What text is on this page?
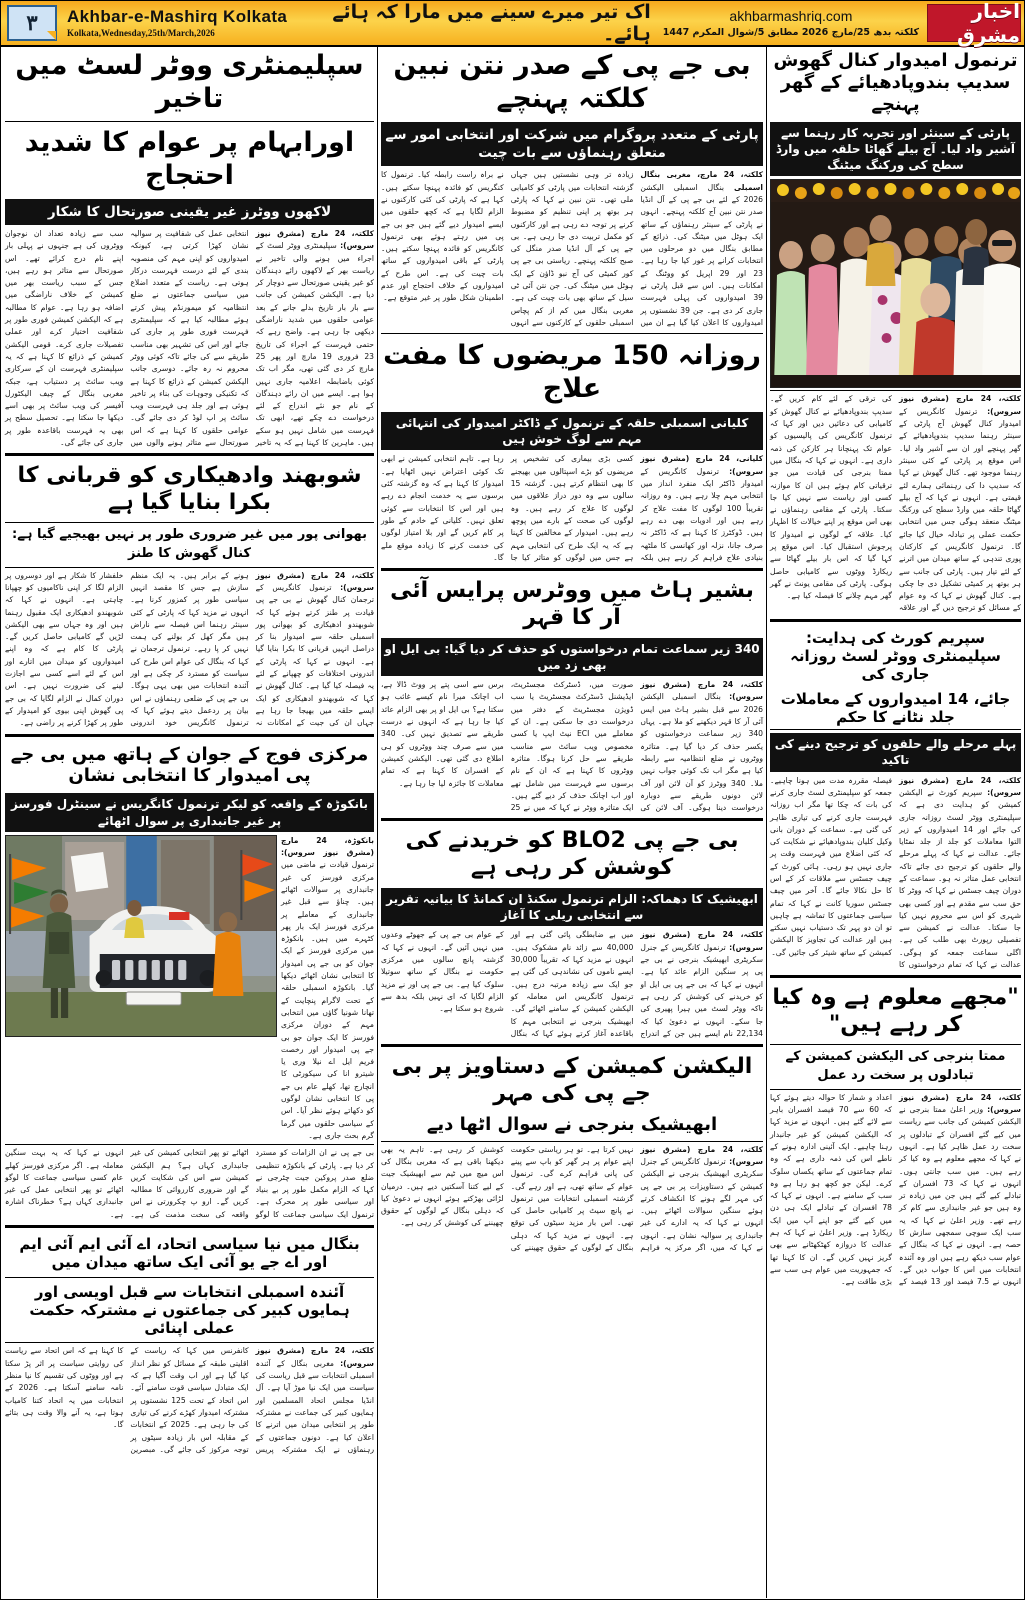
۳ Akhbar-e-Mashirq Kolkata
Kolkata,Wednesday,25th/March,2026
اک تیر میرے سینے میں مارا کہ ہائے ہائے۔
akhbarmashriq.com
کلکتہ بدھ 25/مارچ 2026 مطابق 5/شوال المکرم 1447
اخبار مشرق
ترنمول امیدوار کنال گھوش سدیپ بندوپادھیائے کے گھر پہنچے
پارٹی کے سینئر اور تجربہ کار رہنما سے آشیر واد لیا۔ آج بیلے گھاٹا حلقہ میں وارڈ سطح کی ورکنگ میٹنگ
کلکتہ، 24 مارچ (مشرق نیوز سروس): ترنمول کانگریس کے امیدوار کنال گھوش آج پارٹی کے سینئر رہنما سدیپ بندوپادھیائے کے گھر پہنچے اور ان سے آشیر واد لیا۔ اس موقع پر پارٹی کے کئی سینئر رہنما موجود تھے۔ کنال گھوش نے کہا کہ سدیپ دا کی رہنمائی ہمارے لئے قیمتی ہے۔ انہوں نے کہا کہ آج بیلے گھاٹا حلقہ میں وارڈ سطح کی ورکنگ میٹنگ منعقد ہوگی جس میں انتخابی حکمت عملی پر تبادلہ خیال کیا جائے گا۔ ترنمول کانگریس کے کارکنان پوری تندہی کے ساتھ میدان میں اترنے کے لئے تیار ہیں۔ پارٹی کی جانب سے ہر بوتھ پر کمیٹی تشکیل دی جا چکی ہے۔ کنال گھوش نے کہا کہ وہ عوام کے مسائل کو ترجیح دیں گے اور علاقہ کی ترقی کے لئے کام کریں گے۔ سدیپ بندوپادھیائے نے کنال گھوش کو کامیابی کی دعائیں دیں اور کہا کہ ترنمول کانگریس کی پالیسیوں کو عوام تک پہنچانا ہر کارکن کی ذمہ داری ہے۔ انہوں نے کہا کہ بنگال میں ممتا بنرجی کی قیادت میں جو ترقیاتی کام ہوئے ہیں ان کا موازنہ کسی اور ریاست سے نہیں کیا جا سکتا۔ پارٹی کے مقامی رہنماؤں نے بھی اس موقع پر اپنے خیالات کا اظہار کیا۔ علاقہ کے لوگوں نے امیدوار کا پرجوش استقبال کیا۔ اس موقع پر کہا گیا کہ اس بار بیلے گھاٹا سے ریکارڈ ووٹوں سے کامیابی حاصل ہوگی۔ پارٹی کی مقامی یونٹ نے گھر گھر مہم چلانے کا فیصلہ کیا ہے۔
سپریم کورٹ کی ہدایت: سپلیمنٹری ووٹر لسٹ روزانہ جاری کی
جائے، 14 امیدواروں کے معاملات جلد نٹانے کا حکم
پہلے مرحلے والے حلقوں کو ترجیح دینے کی تاکید
کلکتہ، 24 مارچ (مشرق نیوز سروس): سپریم کورٹ نے الیکشن کمیشن کو ہدایت دی ہے کہ سپلیمنٹری ووٹر لسٹ روزانہ جاری کی جائے اور 14 امیدواروں کے زیر التوا معاملات کو جلد از جلد نمٹایا جائے۔ عدالت نے کہا کہ پہلے مرحلے والے حلقوں کو ترجیح دی جائے تاکہ انتخابی عمل متاثر نہ ہو۔ سماعت کے دوران چیف جسٹس نے کہا کہ ووٹر کا حق سب سے مقدم ہے اور کسی بھی شہری کو اس سے محروم نہیں کیا جا سکتا۔ عدالت نے کمیشن سے تفصیلی رپورٹ بھی طلب کی ہے۔ اگلی سماعت جمعہ کو ہوگی۔ عدالت نے کہا کہ تمام درخواستوں کا فیصلہ مقررہ مدت میں ہونا چاہیے۔ جمعہ کو سپلیمنٹری لسٹ جاری کرنے کی بات کہ چکا تھا مگر اب روزانہ فہرست جاری کرنے کی تیاری ظاہر کی گئی ہے۔ سماعت کے دوران بانی وکیل کلیان بندوپادھیائے نے شکایت کی کہ کئی اضلاع میں فہرست وقت پر جاری نہیں ہو رہی۔ ہائی کورٹ کے چیف جسٹس سے ملاقات کر کے اس کا حل نکالا جائے گا۔ آخر میں چیف جسٹس سوریا کانت نے کہا کہ تمام سیاسی جماعتوں کا تماشہ ہے چاہیں تو ان دو پہر تک دستیاب نہیں سکتے ہیں اور عدالت کی تجاویز کا الیکشن کمیشن کے ساتھ شیئر کی جائیں گی۔
"مجھے معلوم ہے وہ کیا کر رہے ہیں"
ممتا بنرجی کی الیکشن کمیشن کے تبادلوں پر سخت رد عمل
کلکتہ، 24 مارچ (مشرق نیوز سروس): وزیر اعلیٰ ممتا بنرجی نے الیکشن کمیشن کی جانب سے ریاست میں کیے گئے افسران کے تبادلوں پر سخت رد عمل ظاہر کیا ہے۔ انہوں نے کہا کہ مجھے معلوم ہے وہ کیا کر رہے ہیں۔ میں سب جانتی ہوں۔ انہوں نے کہا کہ 73 افسران کے تبادلے کیے گئے ہیں جن میں زیادہ تر وہ ہیں جو غیر جانبداری سے کام کر رہے تھے۔ وزیر اعلیٰ نے کہا کہ یہ سب ایک سوچی سمجھی سازش کا حصہ ہے۔ انہوں نے کہا کہ بنگال کے عوام سب دیکھ رہے ہیں اور وہ آئندہ انتخابات میں اس کا جواب دیں گے۔ انہوں نے 7.5 فیصد اور 13 فیصد کے اعداد و شمار کا حوالہ دیتے ہوئے کہا کہ 60 سے 70 فیصد افسران باہر سے لائے گئے ہیں۔ انہوں نے مزید کہا کہ الیکشن کمیشن کو غیر جانبدار رہنا چاہیے۔ ایک آئینی ادارہ ہونے کے ناطے اس کی ذمہ داری ہے کہ وہ تمام جماعتوں کے ساتھ یکساں سلوک کرے۔ لیکن جو کچھ ہو رہا ہے وہ سب کے سامنے ہے۔ انہوں نے کہا کہ 78 افسران کے تبادلے ایک ہی دن میں کیے گئے جو اپنے آپ میں ایک ریکارڈ ہے۔ وزیر اعلیٰ نے کہا کہ ہم عدالت کا دروازہ کھٹکھٹانے سے بھی گریز نہیں کریں گے۔ ان کا کہنا تھا کہ جمہوریت میں عوام ہی سب سے بڑی طاقت ہے۔
بی جے پی کے صدر نتن نبین کلکتہ پہنچے
پارٹی کے متعدد پروگرام میں شرکت اور انتخابی امور سے متعلق رہنماؤں سے بات چیت
کلکتہ، 24 مارچ، مغربی بنگال اسمبلی بنگال اسمبلی الیکشن 2026 کے لئے بی جے پی کے آل انڈیا صدر نتن نبین آج کلکتہ پہنچے۔ انہوں نے پارٹی کے سینئر رہنماؤں کے ساتھ ایک ہوٹل میں میٹنگ کی۔ ذرائع کے مطابق بنگال میں دو مرحلوں میں انتخابات کرانے پر غور کیا جا رہا ہے۔ 23 اور 29 اپریل کو ووٹنگ کے امکانات ہیں۔ اس سے قبل پارٹی نے 39 امیدواروں کی پہلی فہرست جاری کر دی ہے۔ جن 39 نشستوں پر امیدواروں کا اعلان کیا گیا ہے ان میں زیادہ تر وہی نشستیں ہیں جہاں گزشتہ انتخابات میں پارٹی کو کامیابی ملی تھی۔ نتن نبین نے کہا کہ پارٹی ہر بوتھ پر اپنی تنظیم کو مضبوط کرنے پر توجہ دے رہی ہے اور کارکنوں کو مکمل تربیت دی جا رہی ہے۔ بی جے پی کے آل انڈیا صدر منگل کی صبح کلکتہ پہنچے۔ ریاستی بی جے پی کور کمیٹی کی آج نبو ڈاؤن کے ایک ہوٹل میں میٹنگ کی۔ جن نتن آئی ٹی سیل کے ساتھ بھی بات چیت کی ہے۔ مغربی بنگال میں کم از کم پچاس اسمبلی حلقوں کے کارکنوں سے انہوں نے براہ راست رابطہ کیا۔ ترنمول کا کنگریس کو فائدہ پہنچا سکتے ہیں۔ کہا ہے کہ پارٹی کی کئی کارکنوں نے الزام لگایا ہے کہ کچھ حلقوں میں ایسے امیدوار دیے گئے ہیں جو بی جے پی میں رہتے ہوئے بھی ترنمول کانگریس کو فائدہ پہنچا سکتے ہیں۔ پارٹی کے باقی امیدواروں کے ساتھ بات چیت کی ہے۔ اس طرح کے امیدواروں کے خلاف احتجاج اور عدم اطمینان شکل طور پر غیر متوقع ہے۔
روزانہ 150 مریضوں کا مفت علاج
کلیانی اسمبلی حلقہ کے ترنمول کے ڈاکٹر امیدوار کی انتہائی مہم سے لوگ خوش ہیں
کلیانی، 24 مارچ (مشرق نیوز سروس): ترنمول کانگریس کے امیدوار ڈاکٹر ایک منفرد انداز میں انتخابی مہم چلا رہے ہیں۔ وہ روزانہ تقریباً 100 لوگوں کا مفت علاج کر رہے ہیں اور ادویات بھی دے رہے ہیں۔ ڈوکٹرز کا کہنا ہے کہ ڈاکٹر نہ صرف جانا، نزلہ اور کھانسی کا ملٹھہ بنیادی علاج فراہم کر رہے ہیں بلکہ کسی بڑی بیماری کی تشخیص پر مریضوں کو بڑے اسپتالوں میں بھیجنے کا بھی انتظام کرتے ہیں۔ گزشتہ 15 سالوں سے وہ دور دراز علاقوں میں لوگوں کا علاج کر رہے ہیں۔ وہ لوگوں کی صحت کے بارے میں پوچھ رہے ہیں۔ امیدوار کے مخالفین کا کہنا ہے کہ یہ ایک طرح کی انتخابی مہم ہے جس میں لوگوں کو متاثر کیا جا رہا ہے۔ تاہم انتخابی کمیشن نے ابھی تک کوئی اعتراض نہیں اٹھایا ہے۔ امیدوار کا کہنا ہے کہ وہ گزشتہ کئی برسوں سے یہ خدمت انجام دے رہے ہیں اور اس کا انتخابات سے کوئی تعلق نہیں۔ کلیانی کے خادم کے طور پر کام کریں گے اور بلا امتیاز لوگوں کی خدمت کرنے کا زیادہ موقع ملے گا۔
بشیر ہاٹ میں ووٹرس پرایس آئی آر کا قہر
340 زیر سماعت تمام درخواستوں کو حذف کر دیا گیا: بی ایل او بھی زد میں
کلکتہ، 24 مارچ (مشرق نیوز سروس): بنگال اسمبلی الیکشن 2026 سے قبل بشیر ہاٹ میں ایس آئی آر کا قہر دیکھنے کو ملا ہے۔ یہاں 340 زیر سماعت درخواستوں کو یکسر حذف کر دیا گیا ہے۔ متاثرہ ووٹروں نے ضلع انتظامیہ سے رابطہ کیا ہے مگر اب تک کوئی جواب نہیں ملا۔ 340 ووٹرز کو آن لائن اور آف لائن دونوں طریقے سے دوبارہ درخواست دینا ہوگی۔ آف لائن کی صورت میں، ڈسٹرکٹ مجسٹریٹ، ایڈیشنل ڈسٹرکٹ مجسٹریٹ یا سب ڈویژن مجسٹریٹ کے دفتر میں درخواست دی جا سکتی ہے۔ ان کے معاملے میں ECI نیٹ ایپ یا کسی مخصوص ویب سائٹ سے مناسب طریقے سے حل کرنا ہوگا۔ متاثرہ ووٹروں کا کہنا ہے کہ ان کے نام برسوں سے فہرست میں شامل تھے اور اب اچانک حذف کر دیے گئے ہیں۔ ایک متاثرہ ووٹر نے کہا کہ میں نے 25 برس سے اسی پتے پر ووٹ ڈالا ہے، اب اچانک میرا نام کیسے غائب ہو سکتا ہے؟ بی ایل او پر بھی الزام عائد کیا جا رہا ہے کہ انہوں نے درست طریقے سے تصدیق نہیں کی۔ 340 میں سے صرف چند ووٹروں کو ہی اطلاع دی گئی تھی۔ الیکشن کمیشن کے افسران کا کہنا ہے کہ تمام معاملات کا جائزہ لیا جا رہا ہے۔
بی جے پی BLO2 کو خریدنے کی کوشش کر رہی ہے
ابھیشیک کا دھماکہ: الزام ترنمول سکنڈ ان کمانڈ کا بیانیہ تقریر سے انتخابی ریلی کا آغاز
کلکتہ، 24 مارچ (مشرق نیوز سروس): ترنمول کانگریس کے جنرل سکریٹری ابھیشیک بنرجی نے بی جے پی پر سنگین الزام عائد کیا ہے۔ انہوں نے کہا کہ بی جے پی بی ایل او کو خریدنے کی کوشش کر رہی ہے تاکہ ووٹر لسٹ میں ہیرا پھیری کی جا سکے۔ انہوں نے دعویٰ کیا کہ 22,134 نام ایسے ہیں جن کے اندراج میں بے ضابطگی پائی گئی ہے اور 40,000 سے زائد نام مشکوک ہیں۔ انہوں نے مزید کہا کہ تقریباً 30,000 ایسے ناموں کی نشاندہی کی گئی ہے جو ایک سے زیادہ مرتبہ درج ہیں۔ ترنمول کانگریس اس معاملہ کو الیکشن کمیشن کے سامنے اٹھائے گی۔ ابھیشیک بنرجی نے انتخابی مہم کا باقاعدہ آغاز کرتے ہوئے کہا کہ بنگال کے عوام بی جے پی کے جھوٹے وعدوں میں نہیں آئیں گے۔ انہوں نے کہا کہ گزشتہ پانچ سالوں میں مرکزی حکومت نے بنگال کے ساتھ سوتیلا سلوک کیا ہے۔ بی جے پی اور نے مزید الزام لگایا کہ ای نہیں بلکہ بدھ سے شروع ہو سکتا ہے۔
الیکشن کمیشن کے دستاویز پر بی جے پی کی مہر
ابھیشیک بنرجی نے سوال اٹھا دیے
کلکتہ، 24 مارچ (مشرق نیوز سروس): ترنمول کانگریس کے جنرل سکریٹری ابھیشیک بنرجی نے الیکشن کمیشن کے دستاویزات پر بی جے پی کی مہر لگے ہونے کا انکشاف کرتے ہوئے سنگین سوالات اٹھائے ہیں۔ انہوں نے کہا کہ یہ ادارے کی غیر جانبداری پر سوالیہ نشان ہے۔ انہوں نے کہا کہ میں، اگر مرکز یہ فراہم نہیں کرتا ہے۔ تو ہر ریاستی حکومت اپنے عوام پر ہر گھر کو باپ سے پینے کی پانی فراہم کرے گی۔ ترنمول عوام کے ساتھ تھی، ہے اور رہے گی۔ گزشتہ اسمبلی انتخابات میں ترنمول نے پانچ سیٹ پر کامیابی حاصل کی تھی۔ اس بار مزید سیٹوں کی توقع ہے۔ انہوں نے مزید کہا کہ دہلی بنگال کے لوگوں کے حقوق چھیننے کی کوشش کر رہی ہے۔ تاہم یہ بھی دیکھنا باقی ہے کہ مغربی بنگال کی اس میچ میں ٹیم سے ابھیشیک جیت کے لیے کتنا آسکتیں دیے ہیں۔ درمیان لڑائی بھڑکتے ہوئے انہوں نے دعویٰ کیا کہ دہلی بنگال کے لوگوں کے حقوق چھیننے کی کوشش کر رہی ہے۔
سپلیمنٹری ووٹر لسٹ میں تاخیر
اورابہام پر عوام کا شدید احتجاج
لاکھوں ووٹرز غیر یقینی صورتحال کا شکار
کلکتہ، 24 مارچ (مشرق نیوز سروس): سپلیمنٹری ووٹر لسٹ کے اجراء میں ہونے والی تاخیر نے ریاست بھر کے لاکھوں رائے دہندگان کو غیر یقینی صورتحال سے دوچار کر دیا ہے۔ الیکشن کمیشن کی جانب سے بار بار تاریخ بدلے جانے کے بعد عوامی حلقوں میں شدید ناراضگی دیکھی جا رہی ہے۔ واضح رہے کہ حتمی فہرست کے اجراء کی تاریخ 23 فروری 19 مارچ اور پھر 25 مارچ کر دی گئی تھی، مگر اب تک کوئی باضابطہ اعلامیہ جاری نہیں ہوا ہے۔ ایسے میں ان رائے دہندگان کے نام جو نئے اندراج کے لئے درخواست دے چکے تھے، ابھی تک فہرست میں شامل نہیں ہو سکے ہیں۔ ماہرین کا کہنا ہے کہ یہ تاخیر انتخابی عمل کی شفافیت پر سوالیہ نشان کھڑا کرتی ہے، کیونکہ امیدواروں کو اپنی مہم کی منصوبہ بندی کے لئے درست فہرست درکار ہوتی ہے۔ ریاست کے متعدد اضلاع میں سیاسی جماعتوں نے ضلع انتظامیہ کو میمورنڈم پیش کرتے ہوئے مطالبہ کیا ہے کہ سپلیمنٹری فہرست فوری طور پر جاری کی جائے اور اس کی تشہیر بھی مناسب طریقے سے کی جائے تاکہ کوئی ووٹر محروم نہ رہ جائے۔ دوسری جانب الیکشن کمیشن کے ذرائع کا کہنا ہے کہ تکنیکی وجوہات کی بناء پر تاخیر ہوئی ہے اور جلد ہی فہرست ویب سائٹ پر اپ لوڈ کر دی جائے گی۔ عوامی حلقوں کا کہنا ہے کہ اس صورتحال سے متاثر ہونے والوں میں سب سے زیادہ تعداد ان نوجوان ووٹروں کی ہے جنہوں نے پہلی بار اپنے نام درج کرائے تھے۔ اس صورتحال سے متاثر ہو رہے ہیں، جس کے سبب ریاست بھر میں کمیشن کے خلاف ناراضگی میں اضافہ ہو رہا ہے۔ عوام کا مطالبہ ہے کہ الیکشن کمیشن فوری طور پر شفافیت اختیار کرے اور عملی تفصیلات جاری کرے۔ قومی الیکشن کمیشن کے ذرائع کا کہنا ہے کہ یہ سپلیمنٹری فہرست ان کے سرکاری ویب سائٹ پر دستیاب ہے، جبکہ مغربی بنگال کے چیف الیکٹورل آفیسر کی ویب سائٹ پر بھی اسے دیکھا جا سکتا ہے۔ تحصیل سطح پر بھی یہ فہرست باقاعدہ طور پر جاری کی جائے گی۔
شوبھند وادھیکاری کو قربانی کا بکرا بنایا گیا ہے
بھوانی پور میں غیر ضروری طور پر نہیں بھیجیے گیا ہے: کنال گھوش کا طنز
کلکتہ، 24 مارچ (مشرق نیوز سروس): ترنمول کانگریس کے ترجمان کنال گھوش نے بی جے پی قیادت پر طنز کرتے ہوئے کہا کہ شوبھندو ادھیکاری کو بھوانی پور اسمبلی حلقہ سے امیدوار بنا کر دراصل انہیں قربانی کا بکرا بنایا گیا ہے۔ انہوں نے کہا کہ پارٹی کے اندرونی اختلافات کو چھپانے کے لئے یہ فیصلہ کیا گیا ہے۔ کنال گھوش نے کہا کہ شوبھندو ادھیکاری کو ایک ایسے حلقہ میں بھیجا جا رہا ہے جہاں ان کی جیت کے امکانات نہ ہونے کے برابر ہیں۔ یہ ایک منظم سازش ہے جس کا مقصد انہیں سیاسی طور پر کمزور کرنا ہے۔ انہوں نے مزید کہا کہ پارٹی کے کئی سینئر رہنما اس فیصلہ سے ناراض ہیں مگر کھل کر بولنے کی ہمت نہیں کر پا رہے۔ ترنمول ترجمان نے کہا کہ بنگال کی عوام اس طرح کی سیاست کو مسترد کر چکی ہے اور آئندہ انتخابات میں بھی یہی ہوگا۔ بی جے پی کے ضلعی رہنماؤں نے اس بیان پر ردعمل دیتے ہوئے کہا کہ ترنمول کانگریس خود اندرونی خلفشار کا شکار ہے اور دوسروں پر الزام لگا کر اپنی ناکامیوں کو چھپانا چاہتی ہے۔ انہوں نے کہا کہ شوبھندو ادھیکاری ایک مقبول رہنما ہیں اور وہ جہاں سے بھی الیکشن لڑیں گے کامیابی حاصل کریں گے۔ پارٹی کا کام ہے کہ وہ اپنے امیدواروں کو میدان میں اتارے اور اس کے لئے اسے کسی سے اجازت لینے کی ضرورت نہیں ہے۔ اس دوران کمال نے الزام لگایا کہ بی جے پی گھوش اپنی بیوی کو امیدوار کے طور پر کھڑا کرنے پر راضی ہے۔
مرکزی فوج کے جوان کے ہاتھ میں بی جے پی امیدوار کا انتخابی نشان
بانکوڑہ کے واقعہ کو لیکر ترنمول کانگریس نے سینٹرل فورسز پر غیر جانبداری پر سوال اٹھائے
بانکوڑہ، 24 مارچ (مشرق نیوز سروس): ترنمول قیادت نے ماضی میں مرکزی فورسز کی غیر جانبداری پر سوالات اٹھائے ہیں۔ چناؤ سے قبل غیر جانبداری کے معاملے پر مرکزی فورسز ایک بار پھر کٹہرے میں ہیں۔ بانکوڑہ میں مرکزی فورسز کے ایک جوان کو بی جے پی امیدوار کا انتخابی نشان اٹھائے دیکھا گیا۔ بانکوڑہ اسمبلی حلقہ کے تحت لاگرام پنچایت کے تھانا شونیا گاؤں میں انتخابی مہم کے دوران مرکزی فورسز کا ایک جوان جو بی جے پی امیدوار اور رخصت فریم ایل اے نیلا وری یا شیترو انا کی سیکورٹی کا انچارج تھا، کھلے عام بی جے پی کا انتخابی نشان لوگوں کو دکھاتے ہوئے نظر آیا۔ اس کے سیاسی حلقوں میں گرما گرم بحث جاری ہے۔
بی جے پی نے ان الزامات کو مسترد کر دیا ہے۔ پارٹی کے بانکوڑہ تنظیمی ضلع صدر پروکین جیت چٹرجی نے کہا کہ الزام مکمل طور پر بے بنیاد اور سیاسی طور پر محرک ہے۔ ترنمول ایک سیاسی جماعت کا لوگو اٹھائے تو پھر انتخابی کمیشن کی غیر جانبداری کہاں ہے؟ ہم الیکشن کمیشن سے اس کی شکایت کریں گے اور ضروری کارروائی کا مطالبہ کریں گے۔ ارو پ چکرورتی نے اس واقعہ کی سخت مذمت کی ہے۔ انہوں نے کہا کہ یہ بہت سنگین معاملہ ہے۔ اگر مرکزی فورسز کھلے عام کسی سیاسی جماعت کا لوگو اٹھائے تو پھر انتخابی عمل کی غیر جانبداری کہاں ہے؟ خطرناک اشارہ ہے۔
بنگال میں نیا سیاسی اتحاد، اے آئی ایم آئی ایم اور اے جے یو آئی ایک ساتھ میدان میں
آئندہ اسمبلی انتخابات سے قبل اویسی اور ہمایوں کبیر کی جماعتوں نے مشترکہ حکمت عملی اپنائی
کلکتہ، 24 مارچ (مشرق نیوز سروس): مغربی بنگال کے آئندہ اسمبلی انتخابات سے قبل ریاست کی سیاست میں ایک نیا موڑ آیا ہے۔ آل انڈیا مجلس اتحاد المسلمین اور ہمایوں کبیر کی جماعت نے مشترکہ طور پر انتخابی میدان میں اترنے کا اعلان کیا ہے۔ دونوں جماعتوں کے رہنماؤں نے ایک مشترکہ پریس کانفرنس میں کہا کہ ریاست کے اقلیتی طبقہ کے مسائل کو نظر انداز کیا گیا ہے اور اب وقت آگیا ہے کہ ایک متبادل سیاسی قوت سامنے آئے۔ اس اتحاد کے تحت 125 نشستوں پر مشترکہ امیدوار کھڑے کرنے کی تیاری کی جا رہی ہے۔ 2025 کے انتخابات کے مقابلہ اس بار زیادہ سیٹوں پر توجہ مرکوز کی جائے گی۔ مبصرین کا کہنا ہے کہ اس اتحاد سے ریاست کی روایتی سیاست پر اثر پڑ سکتا ہے اور ووٹوں کی تقسیم کا نیا منظر نامہ سامنے آسکتا ہے۔ 2026 کے انتخابات میں یہ اتحاد کتنا کامیاب ہوتا ہے، یہ آنے والا وقت ہی بتائے گا۔
